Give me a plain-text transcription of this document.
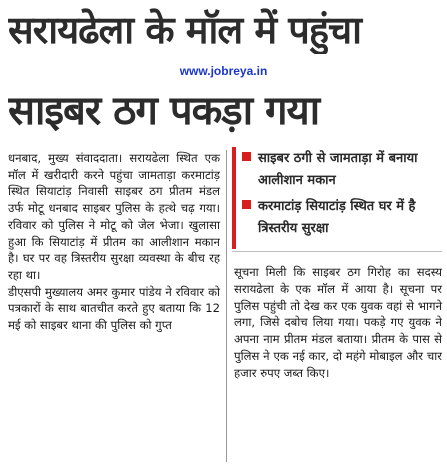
सरायढेला के मॉल में पहुंचा
www.jobreya.in
साइबर ठग पकड़ा गया

धनबाद, मुख्य संवाददाता। सरायढेला स्थित एक मॉल में खरीदारी करने पहुंचा जामताड़ा करमाटांड़ स्थित सियाटांड़ निवासी साइबर ठग प्रीतम मंडल उर्फ मोटू धनबाद साइबर पुलिस के हत्थे चढ़ गया। रविवार को पुलिस ने मोटू को जेल भेजा। खुलासा हुआ कि सियाटांड़ में प्रीतम का आलीशान मकान है। घर पर वह त्रिस्तरीय सुरक्षा व्यवस्था के बीच रह रहा था।

डीएसपी मुख्यालय अमर कुमार पांडेय ने रविवार को पत्रकारों के साथ बातचीत करते हुए बताया कि 12 मई को साइबर थाना की पुलिस को गुप्त

साइबर ठगी से जामताड़ा में बनाया आलीशान मकान
करमाटांड़ सियाटांड़ स्थित घर में है त्रिस्तरीय सुरक्षा

सूचना मिली कि साइबर ठग गिरोह का सदस्य सरायढेला के एक मॉल में आया है। सूचना पर पुलिस पहुंची तो देख कर एक युवक वहां से भागने लगा, जिसे दबोच लिया गया। पकड़े गए युवक ने अपना नाम प्रीतम मंडल बताया। प्रीतम के पास से पुलिस ने एक नई कार, दो महंगे मोबाइल और चार हजार रुपए जब्त किए।
